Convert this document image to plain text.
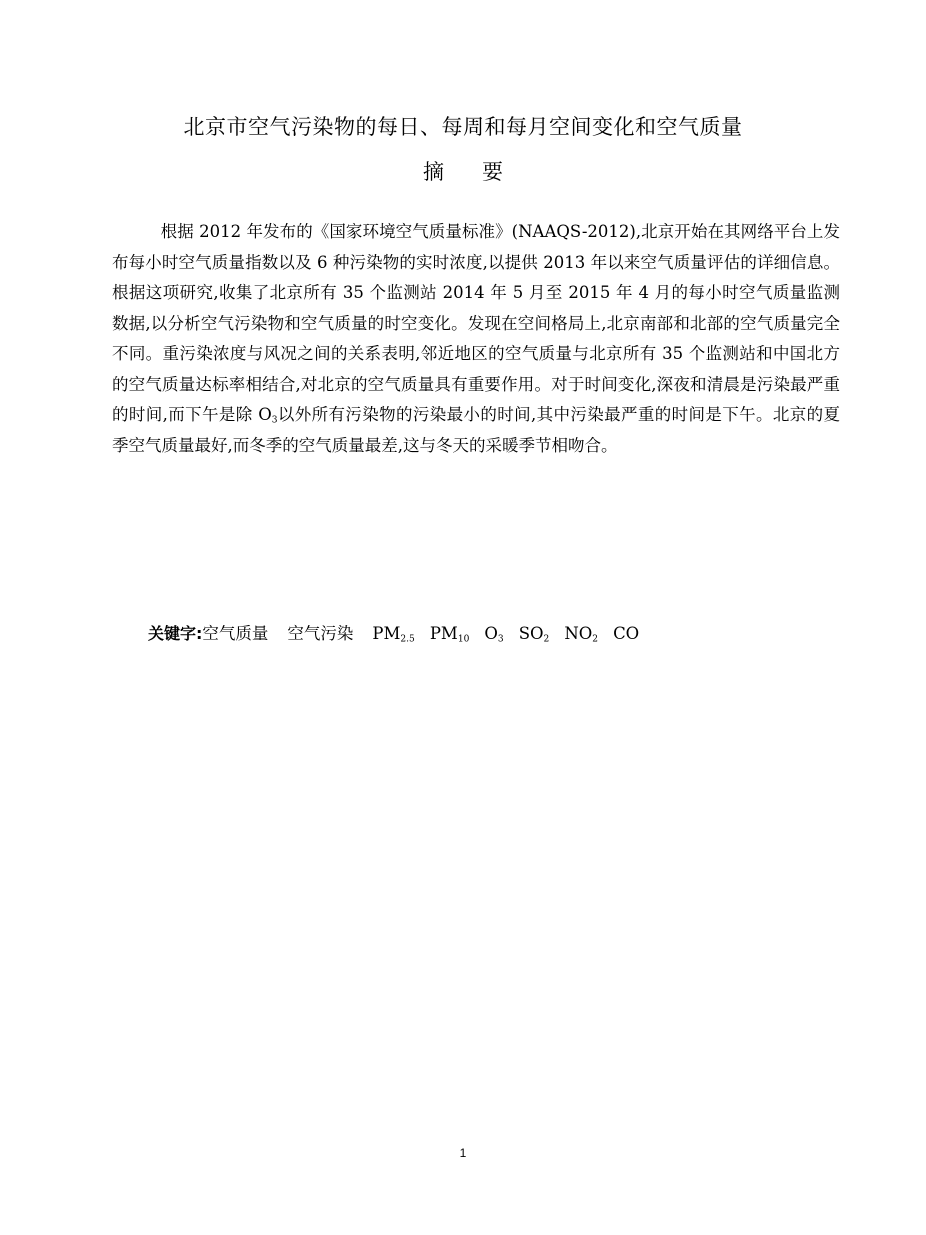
北京市空气污染物的每日、每周和每月空间变化和空气质量
摘 要

根据 2012 年发布的《国家环境空气质量标准》(NAAQS-2012),北京开始在其网络平台上发布每小时空气质量指数以及 6 种污染物的实时浓度,以提供 2013 年以来空气质量评估的详细信息。根据这项研究,收集了北京所有 35 个监测站 2014 年 5 月至 2015 年 4 月的每小时空气质量监测数据,以分析空气污染物和空气质量的时空变化。发现在空间格局上,北京南部和北部的空气质量完全不同。重污染浓度与风况之间的关系表明,邻近地区的空气质量与北京所有 35 个监测站和中国北方的空气质量达标率相结合,对北京的空气质量具有重要作用。对于时间变化,深夜和清晨是污染最严重的时间,而下午是除 $O_3$以外所有污染物的污染最小的时间,其中污染最严重的时间是下午。北京的夏季空气质量最好,而冬季的空气质量最差,这与冬天的采暖季节相吻合。

关键字:空气质量 空气污染 $PM_{2.5}$ $PM_{10}$ $O_3$ $SO_2$ $NO_2$ CO
1
